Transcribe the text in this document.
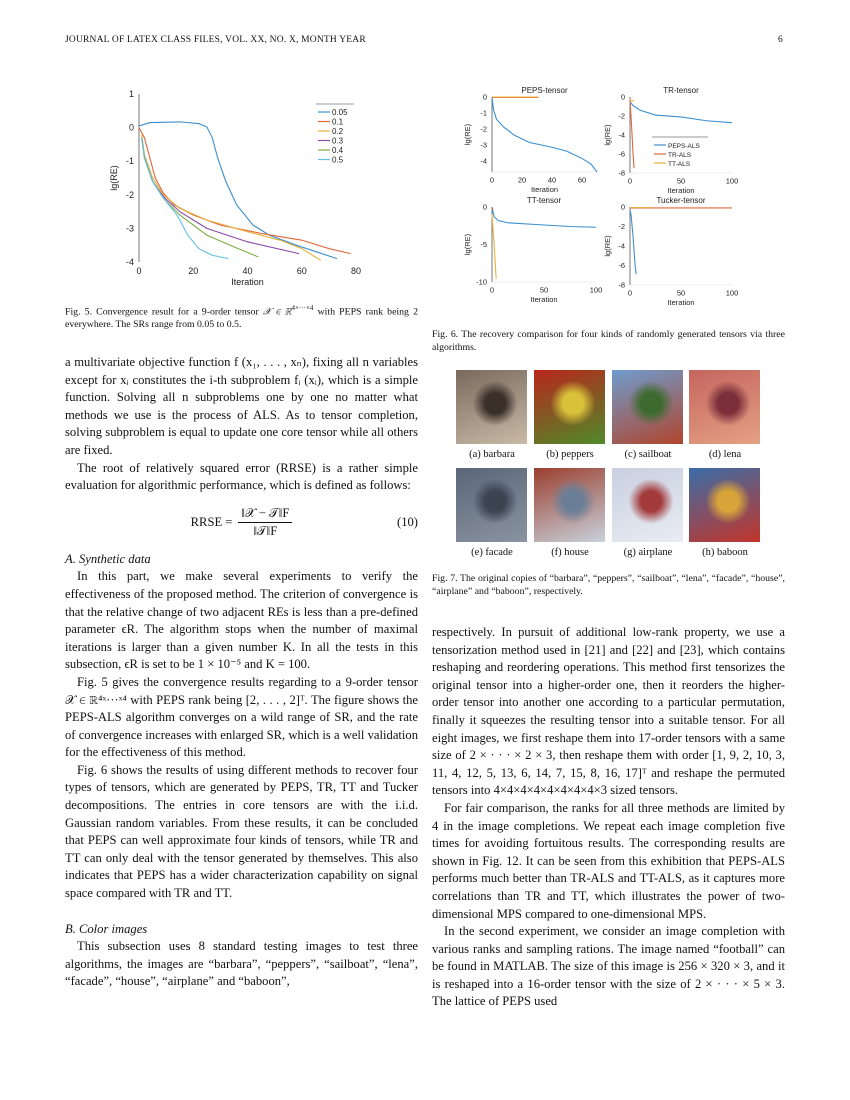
JOURNAL OF LATEX CLASS FILES, VOL. XX, NO. X, MONTH YEAR	6
0	20	40	60	80
1
0
-1
-2
-3
-4
Iteration
lg(RE)
0.05
0.1
0.2
0.3
0.4
0.5
0	20	40	60
0
-1
-2
-3
-4
Iteration
lg(RE)
PEPS-tensor
0	50	100
0
-2
-4
-6
-8
Iteration
lg(RE)
TR-tensor
PEPS-ALS
TR-ALS
TT-ALS
0	50	100
0
-5
-10
Iteration
lg(RE)
TT-tensor
0	50	100
0
-2
-4
-6
-8
Iteration
lg(RE)
Tucker-tensor
Fig. 5. Convergence result for a 9-order tensor 𝒳 ∈ ℝ$^{4\times\cdot\cdot\cdot\times 4}$ with PEPS rank being 2 everywhere. The SRs range from 0.05 to 0.5.
Fig. 6. The recovery comparison for four kinds of randomly generated tensors via three algorithms.
(a) barbara	(b) peppers	(c) sailboat	(d) lena
(e) facade	(f) house	(g) airplane	(h) baboon
Fig. 7. The original copies of “barbara”, “peppers”, “sailboat”, “lena”, “facade”, “house”, “airplane” and “baboon”, respectively.

a multivariate objective function f (x₁, . . . , xₙ), fixing all n variables except for xᵢ constitutes the i-th subproblem fᵢ (xᵢ), which is a simple function. Solving all n subproblems one by one no matter what methods we use is the process of ALS. As to tensor completion, solving subproblem is equal to update one core tensor while all others are fixed.

The root of relatively squared error (RRSE) is a rather simple evaluation for algorithmic performance, which is defined as follows:

RRSE = $\frac{\text{‖𝒳 − 𝒯‖F}}{\text{‖𝒯‖F}}$	(10)

A. Synthetic data

In this part, we make several experiments to verify the effectiveness of the proposed method. The criterion of convergence is that the relative change of two adjacent REs is less than a pre-defined parameter ϵR. The algorithm stops when the number of maximal iterations is larger than a given number K. In all the tests in this subsection, ϵR is set to be 1 × 10⁻⁵ and K = 100.

Fig. 5 gives the convergence results regarding to a 9-order tensor 𝒳 ∈ ℝ⁴ˣ···ˣ⁴ with PEPS rank being [2, . . . , 2]ᵀ. The figure shows the PEPS-ALS algorithm converges on a wild range of SR, and the rate of convergence increases with enlarged SR, which is a well validation for the effectiveness of this method.

Fig. 6 shows the results of using different methods to recover four types of tensors, which are generated by PEPS, TR, TT and Tucker decompositions. The entries in core tensors are with the i.i.d. Gaussian random variables. From these results, it can be concluded that PEPS can well approximate four kinds of tensors, while TR and TT can only deal with the tensor generated by themselves. This also indicates that PEPS has a wider characterization capability on signal space compared with TR and TT.

B. Color images

This subsection uses 8 standard testing images to test three algorithms, the images are “barbara”, “peppers”, “sailboat”, “lena”, “facade”, “house”, “airplane” and “baboon”,

respectively. In pursuit of additional low-rank property, we use a tensorization method used in [21] and [22] and [23], which contains reshaping and reordering operations. This method first tensorizes the original tensor into a higher-order one, then it reorders the higher-order tensor into another one according to a particular permutation, finally it squeezes the resulting tensor into a suitable tensor. For all eight images, we first reshape them into 17-order tensors with a same size of 2 × · · · × 2 × 3, then reshape them with order [1, 9, 2, 10, 3, 11, 4, 12, 5, 13, 6, 14, 7, 15, 8, 16, 17]ᵀ and reshape the permuted tensors into 4×4×4×4×4×4×4×4×3 sized tensors.

For fair comparison, the ranks for all three methods are limited by 4 in the image completions. We repeat each image completion five times for avoiding fortuitous results. The corresponding results are shown in Fig. 12. It can be seen from this exhibition that PEPS-ALS performs much better than TR-ALS and TT-ALS, as it captures more correlations than TR and TT, which illustrates the power of two-dimensional MPS compared to one-dimensional MPS.

In the second experiment, we consider an image completion with various ranks and sampling rations. The image named “football” can be found in MATLAB. The size of this image is 256 × 320 × 3, and it is reshaped into a 16-order tensor with the size of 2 × · · · × 5 × 3. The lattice of PEPS used
